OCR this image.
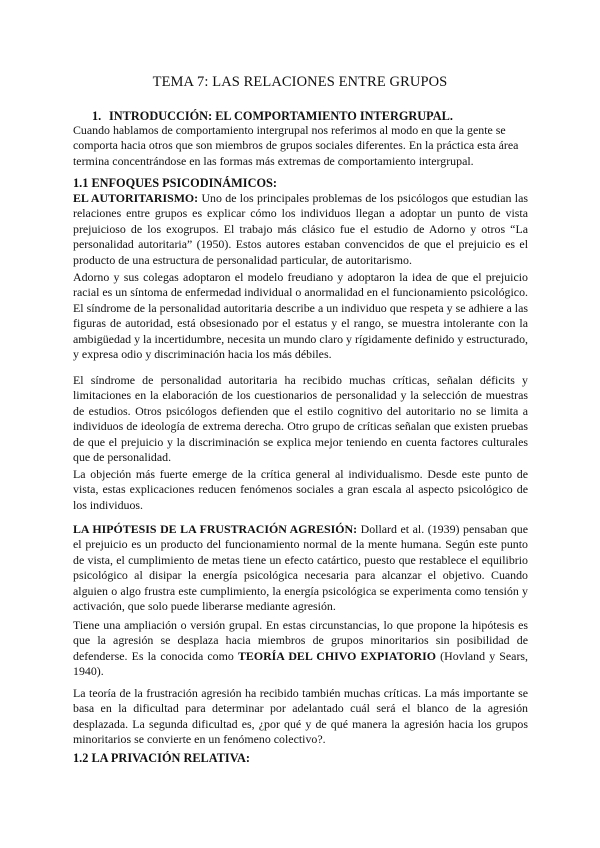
TEMA 7: LAS RELACIONES ENTRE GRUPOS
1. INTRODUCCIÓN: EL COMPORTAMIENTO INTERGRUPAL.

Cuando hablamos de comportamiento intergrupal nos referimos al modo en que la gente se comporta hacia otros que son miembros de grupos sociales diferentes. En la práctica esta área termina concentrándose en las formas más extremas de comportamiento intergrupal.

1.1 ENFOQUES PSICODINÁMICOS:

EL AUTORITARISMO: Uno de los principales problemas de los psicólogos que estudian las relaciones entre grupos es explicar cómo los individuos llegan a adoptar un punto de vista prejuicioso de los exogrupos. El trabajo más clásico fue el estudio de Adorno y otros “La personalidad autoritaria” (1950). Estos autores estaban convencidos de que el prejuicio es el producto de una estructura de personalidad particular, de autoritarismo.

Adorno y sus colegas adoptaron el modelo freudiano y adoptaron la idea de que el prejuicio racial es un síntoma de enfermedad individual o anormalidad en el funcionamiento psicológico. El síndrome de la personalidad autoritaria describe a un individuo que respeta y se adhiere a las figuras de autoridad, está obsesionado por el estatus y el rango, se muestra intolerante con la ambigüedad y la incertidumbre, necesita un mundo claro y rígidamente definido y estructurado, y expresa odio y discriminación hacia los más débiles.

El síndrome de personalidad autoritaria ha recibido muchas críticas, señalan déficits y limitaciones en la elaboración de los cuestionarios de personalidad y la selección de muestras de estudios. Otros psicólogos defienden que el estilo cognitivo del autoritario no se limita a individuos de ideología de extrema derecha. Otro grupo de críticas señalan que existen pruebas de que el prejuicio y la discriminación se explica mejor teniendo en cuenta factores culturales que de personalidad.

La objeción más fuerte emerge de la crítica general al individualismo. Desde este punto de vista, estas explicaciones reducen fenómenos sociales a gran escala al aspecto psicológico de los individuos.

LA HIPÓTESIS DE LA FRUSTRACIÓN AGRESIÓN: Dollard et al. (1939) pensaban que el prejuicio es un producto del funcionamiento normal de la mente humana. Según este punto de vista, el cumplimiento de metas tiene un efecto catártico, puesto que restablece el equilibrio psicológico al disipar la energía psicológica necesaria para alcanzar el objetivo. Cuando alguien o algo frustra este cumplimiento, la energía psicológica se experimenta como tensión y activación, que solo puede liberarse mediante agresión.

Tiene una ampliación o versión grupal. En estas circunstancias, lo que propone la hipótesis es que la agresión se desplaza hacia miembros de grupos minoritarios sin posibilidad de defenderse. Es la conocida como TEORÍA DEL CHIVO EXPIATORIO (Hovland y Sears, 1940).

La teoría de la frustración agresión ha recibido también muchas críticas. La más importante se basa en la dificultad para determinar por adelantado cuál será el blanco de la agresión desplazada. La segunda dificultad es, ¿por qué y de qué manera la agresión hacia los grupos minoritarios se convierte en un fenómeno colectivo?.

1.2 LA PRIVACIÓN RELATIVA:
